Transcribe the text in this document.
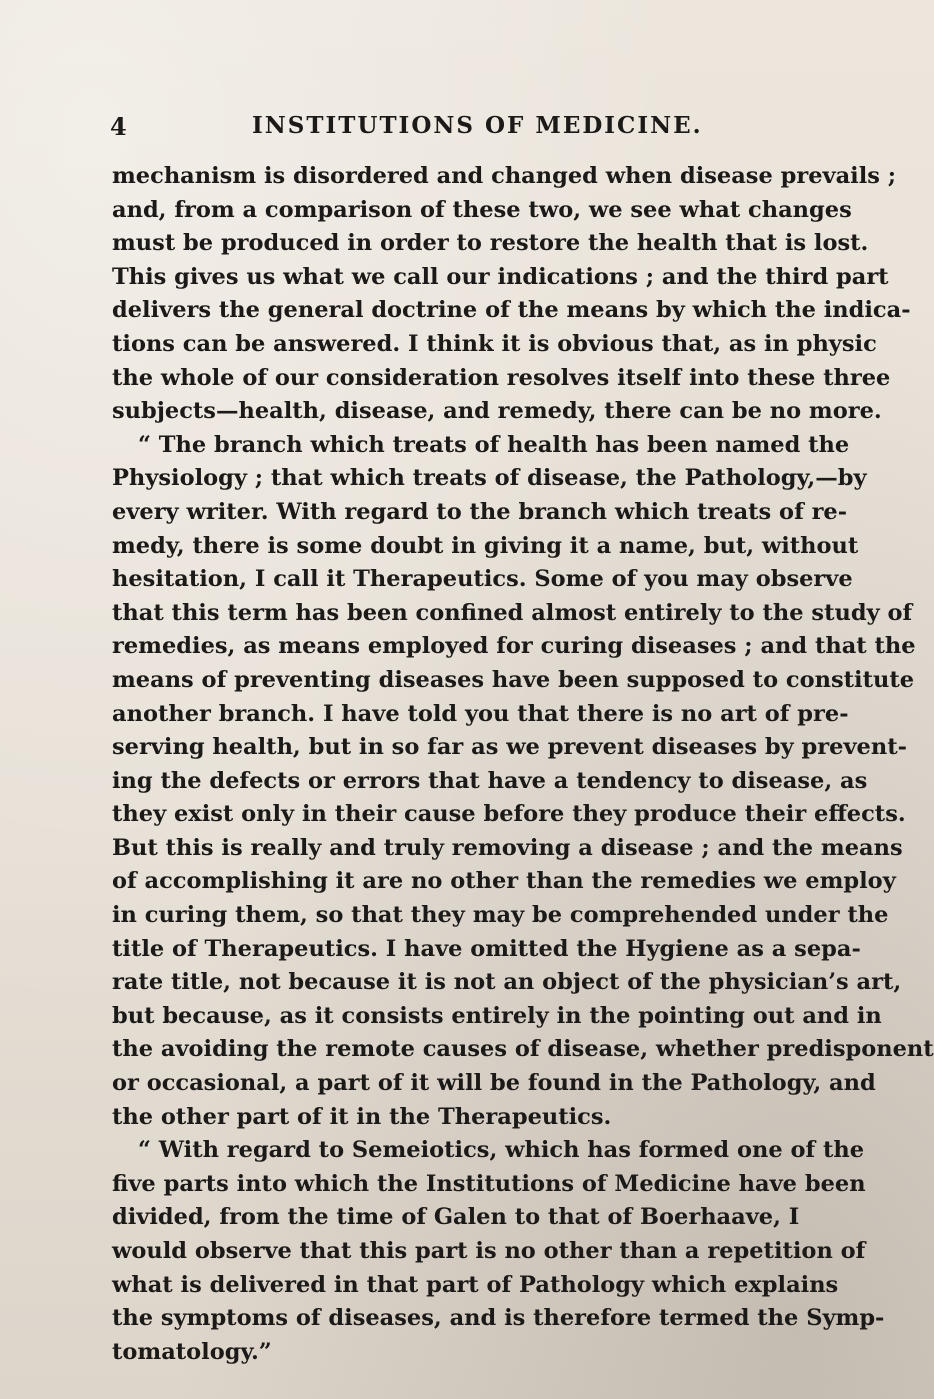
4	INSTITUTIONS OF MEDICINE.
mechanism is disordered and changed when disease prevails ;
and, from a comparison of these two, we see what changes
must be produced in order to restore the health that is lost.
This gives us what we call our indications ; and the third part
delivers the general doctrine of the means by which the indica-
tions can be answered. I think it is obvious that, as in physic
the whole of our consideration resolves itself into these three
subjects—health, disease, and remedy, there can be no more.
“ The branch which treats of health has been named the
Physiology ; that which treats of disease, the Pathology,—by
every writer. With regard to the branch which treats of re-
medy, there is some doubt in giving it a name, but, without
hesitation, I call it Therapeutics. Some of you may observe
that this term has been confined almost entirely to the study of
remedies, as means employed for curing diseases ; and that the
means of preventing diseases have been supposed to constitute
another branch. I have told you that there is no art of pre-
serving health, but in so far as we prevent diseases by prevent-
ing the defects or errors that have a tendency to disease, as
they exist only in their cause before they produce their effects.
But this is really and truly removing a disease ; and the means
of accomplishing it are no other than the remedies we employ
in curing them, so that they may be comprehended under the
title of Therapeutics. I have omitted the Hygiene as a sepa-
rate title, not because it is not an object of the physician’s art,
but because, as it consists entirely in the pointing out and in
the avoiding the remote causes of disease, whether predisponent
or occasional, a part of it will be found in the Pathology, and
the other part of it in the Therapeutics.
“ With regard to Semeiotics, which has formed one of the
five parts into which the Institutions of Medicine have been
divided, from the time of Galen to that of Boerhaave, I
would observe that this part is no other than a repetition of
what is delivered in that part of Pathology which explains
the symptoms of diseases, and is therefore termed the Symp-
tomatology.”
